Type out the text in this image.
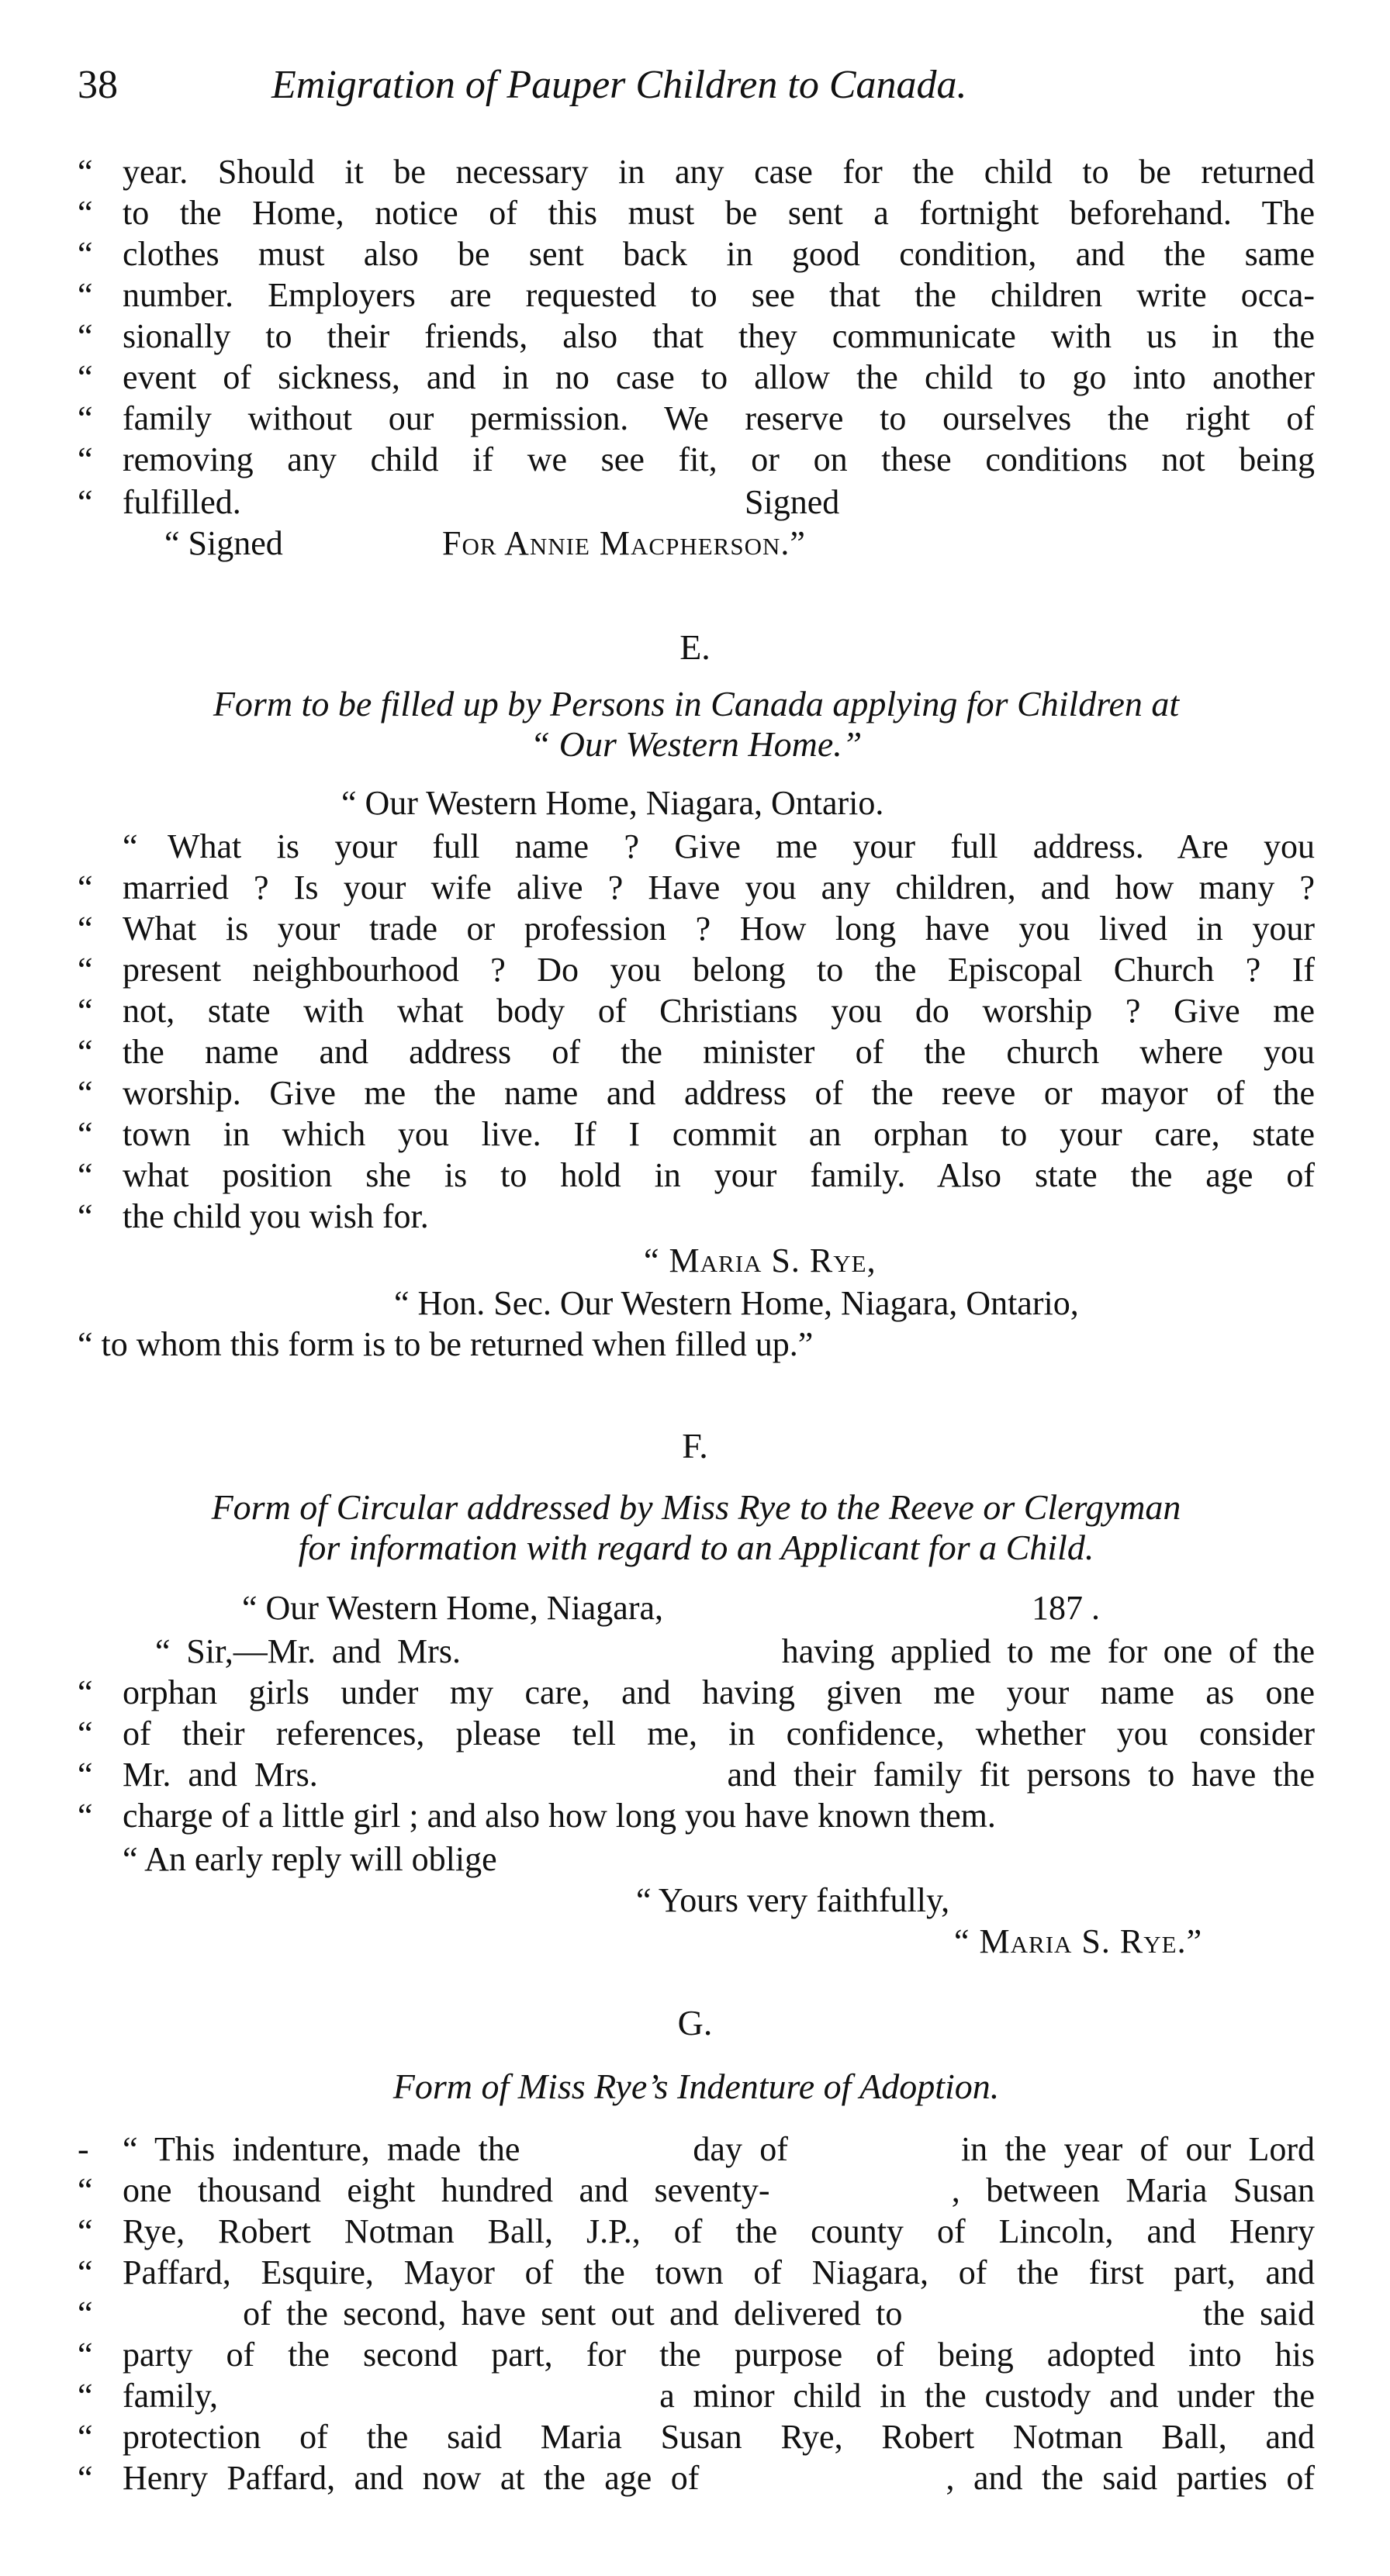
38	Emigration of Pauper Children to Canada.
“ year. Should it be necessary in any case for the child to be returned
“ to the Home, notice of this must be sent a fortnight beforehand. The
“ clothes must also be sent back in good condition, and the same
“ number. Employers are requested to see that the children write occa-
“ sionally to their friends, also that they communicate with us in the
“ event of sickness, and in no case to allow the child to go into another
“ family without our permission. We reserve to ourselves the right of
“ removing any child if we see fit, or on these conditions not being
“ fulfilled.	Signed
“ Signed	For Annie Macpherson.”
E.
Form to be filled up by Persons in Canada applying for Children at
“ Our Western Home.”
“ Our Western Home, Niagara, Ontario.
“ What is your full name ? Give me your full address. Are you
“ married ? Is your wife alive ? Have you any children, and how many ?
“ What is your trade or profession ? How long have you lived in your
“ present neighbourhood ? Do you belong to the Episcopal Church ? If
“ not, state with what body of Christians you do worship ? Give me
“ the name and address of the minister of the church where you
“ worship. Give me the name and address of the reeve or mayor of the
“ town in which you live. If I commit an orphan to your care, state
“ what position she is to hold in your family. Also state the age of
“ the child you wish for.
“ Maria S. Rye,
“ Hon. Sec. Our Western Home, Niagara, Ontario,
“ to whom this form is to be returned when filled up.”
F.
Form of Circular addressed by Miss Rye to the Reeve or Clergyman
for information with regard to an Applicant for a Child.
“ Our Western Home, Niagara,	187 .
“ Sir,—Mr. and Mrs.                    having applied to me for one of the
“ orphan girls under my care, and having given me your name as one
“ of their references, please tell me, in confidence, whether you consider
“ Mr. and Mrs.                        and their family fit persons to have the
“ charge of a little girl ; and also how long you have known them.
“ An early reply will oblige
“ Yours very faithfully,
“ Maria S. Rye.”
G.
Form of Miss Rye’s Indenture of Adoption.
- “ This indenture, made the          day of          in the year of our Lord
“ one thousand eight hundred and seventy-       , between Maria Susan
“ Rye, Robert Notman Ball, J.P., of the county of Lincoln, and Henry
“ Paffard, Esquire, Mayor of the town of Niagara, of the first part, and
“ of the second, have sent out and delivered to                    the said
“ party of the second part, for the purpose of being adopted into his
“ family,                        a minor child in the custody and under the
“ protection of the said Maria Susan Rye, Robert Notman Ball, and
“ Henry Paffard, and now at the age of             , and the said parties of
